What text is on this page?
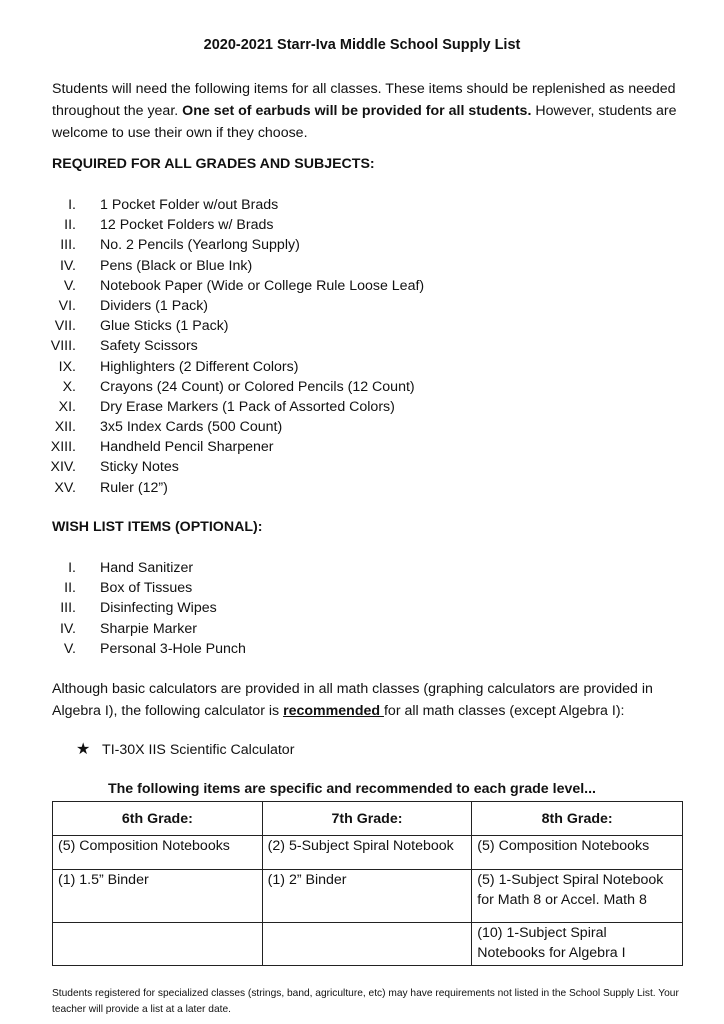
2020-2021 Starr-Iva Middle School Supply List
Students will need the following items for all classes. These items should be replenished as needed throughout the year. One set of earbuds will be provided for all students. However, students are welcome to use their own if they choose.
REQUIRED FOR ALL GRADES AND SUBJECTS:
I. 1 Pocket Folder w/out Brads
II. 12 Pocket Folders w/ Brads
III. No. 2 Pencils (Yearlong Supply)
IV. Pens (Black or Blue Ink)
V. Notebook Paper (Wide or College Rule Loose Leaf)
VI. Dividers (1 Pack)
VII. Glue Sticks (1 Pack)
VIII. Safety Scissors
IX. Highlighters (2 Different Colors)
X. Crayons (24 Count) or Colored Pencils (12 Count)
XI. Dry Erase Markers (1 Pack of Assorted Colors)
XII. 3x5 Index Cards (500 Count)
XIII. Handheld Pencil Sharpener
XIV. Sticky Notes
XV. Ruler (12”)
WISH LIST ITEMS (OPTIONAL):
I. Hand Sanitizer
II. Box of Tissues
III. Disinfecting Wipes
IV. Sharpie Marker
V. Personal 3-Hole Punch
Although basic calculators are provided in all math classes (graphing calculators are provided in Algebra I), the following calculator is recommended for all math classes (except Algebra I):
★ TI-30X IIS Scientific Calculator
The following items are specific and recommended to each grade level...
6th Grade:	7th Grade:	8th Grade:
(5) Composition Notebooks	(2) 5-Subject Spiral Notebook	(5) Composition Notebooks
(1) 1.5” Binder	(1) 2” Binder	(5) 1-Subject Spiral Notebook for Math 8 or Accel. Math 8
		(10) 1-Subject Spiral Notebooks for Algebra I
Students registered for specialized classes (strings, band, agriculture, etc) may have requirements not listed in the School Supply List. Your teacher will provide a list at a later date.
